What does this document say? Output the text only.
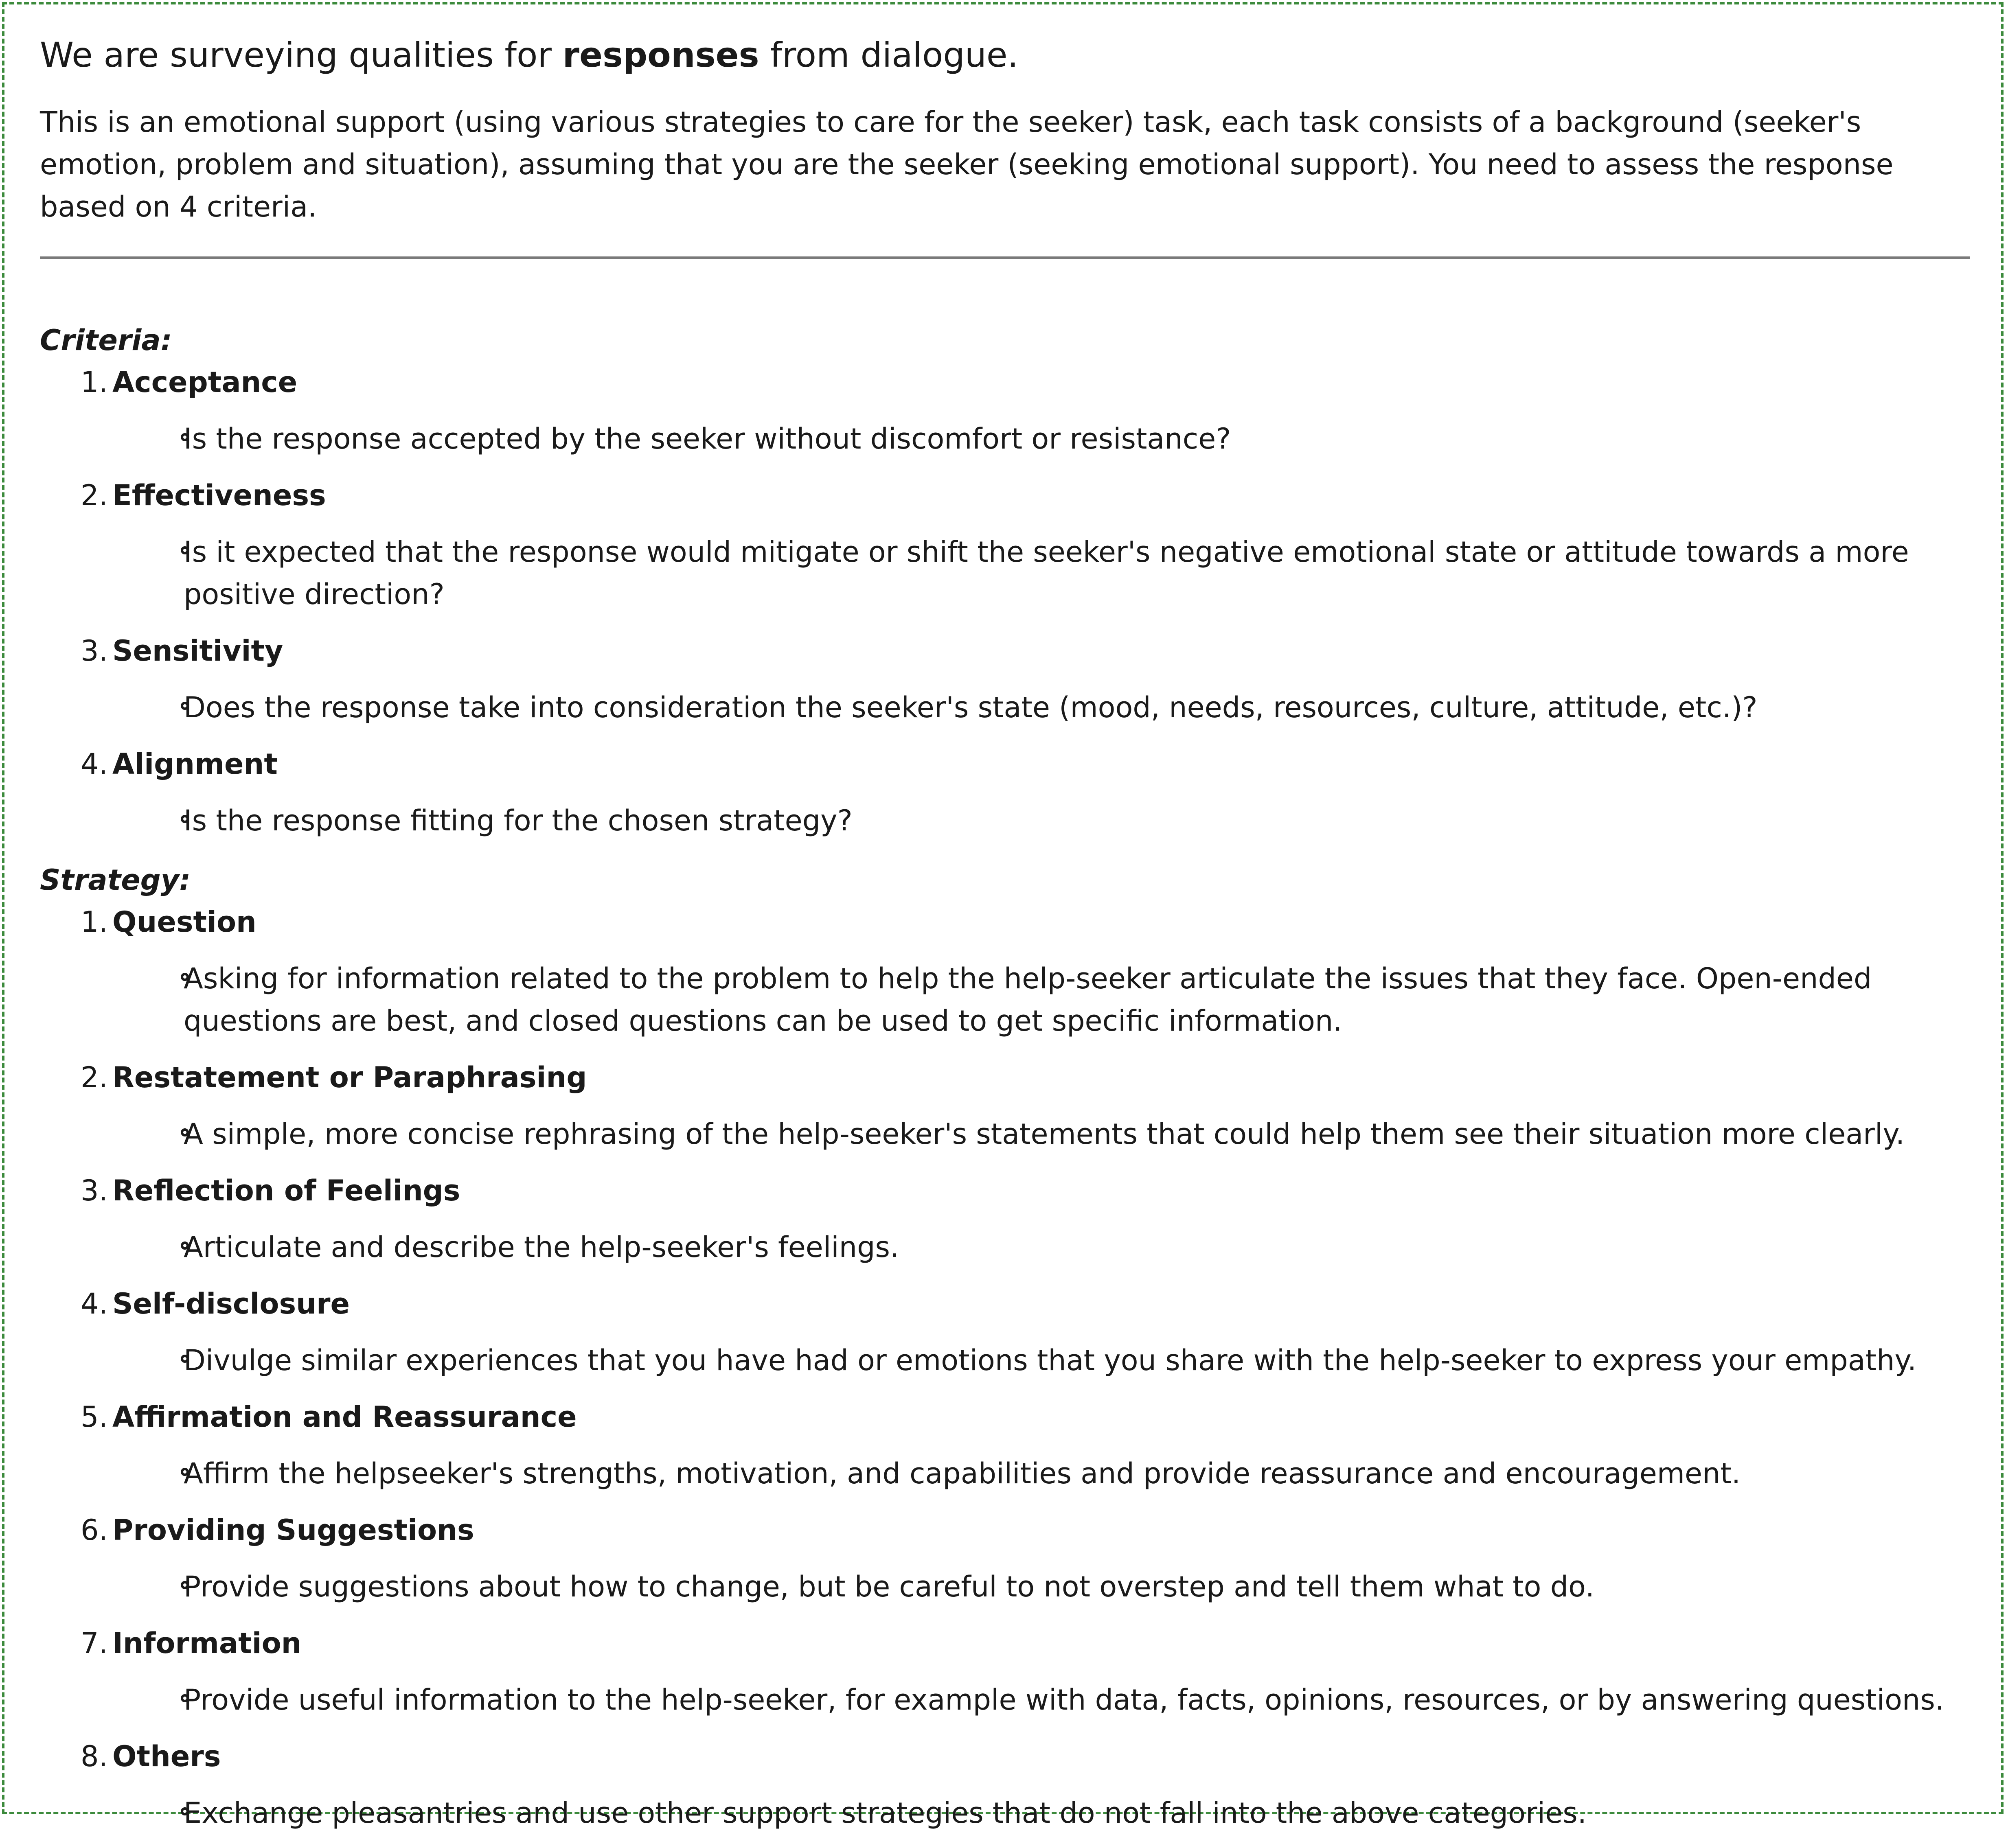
We are surveying qualities for responses from dialogue.

This is an emotional support (using various strategies to care for the seeker) task, each task consists of a background (seeker's emotion, problem and situation), assuming that you are the seeker (seeking emotional support). You need to assess the response based on 4 criteria.

Criteria:

1. Acceptance

Is the response accepted by the seeker without discomfort or resistance?

2. Effectiveness

Is it expected that the response would mitigate or shift the seeker's negative emotional state or attitude towards a more positive direction?

3. Sensitivity

Does the response take into consideration the seeker's state (mood, needs, resources, culture, attitude, etc.)?

4. Alignment

Is the response fitting for the chosen strategy?

Strategy:

1. Question

Asking for information related to the problem to help the help-seeker articulate the issues that they face. Open-ended questions are best, and closed questions can be used to get specific information.

2. Restatement or Paraphrasing

A simple, more concise rephrasing of the help-seeker's statements that could help them see their situation more clearly.

3. Reflection of Feelings

Articulate and describe the help-seeker's feelings.

4. Self-disclosure

Divulge similar experiences that you have had or emotions that you share with the help-seeker to express your empathy.

5. Affirmation and Reassurance

Affirm the helpseeker's strengths, motivation, and capabilities and provide reassurance and encouragement.

6. Providing Suggestions

Provide suggestions about how to change, but be careful to not overstep and tell them what to do.

7. Information

Provide useful information to the help-seeker, for example with data, facts, opinions, resources, or by answering questions.

8. Others

Exchange pleasantries and use other support strategies that do not fall into the above categories.
